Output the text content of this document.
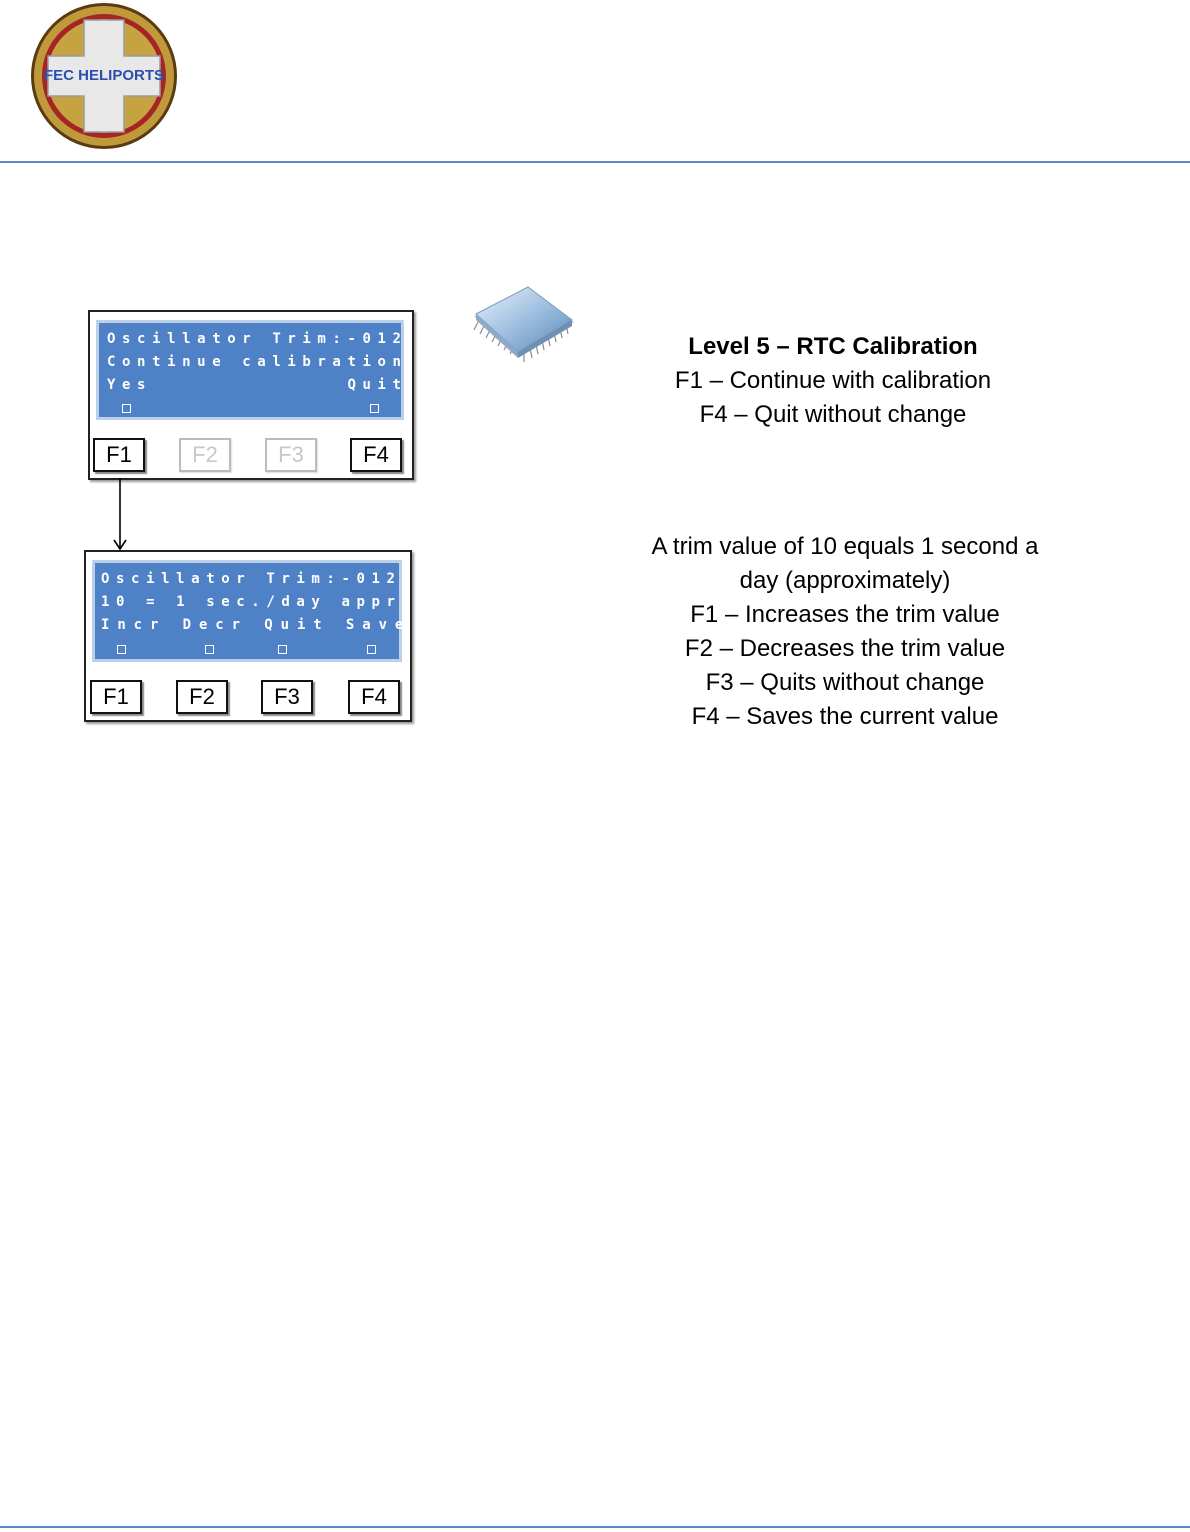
FEC HELIPORTS
Oscillator Trim:-012
Continue calibration
Yes             Quit
F1	F2	F3	F4
Oscillator Trim:-012
10 = 1 sec./day appr
Incr Decr Quit Save
F1	F2	F3	F4
Level 5 – RTC Calibration
F1 – Continue with calibration
F4 – Quit without change
A trim value of 10 equals 1 second a
day (approximately)
F1 – Increases the trim value
F2 – Decreases the trim value
F3 – Quits without change
F4 – Saves the current value
